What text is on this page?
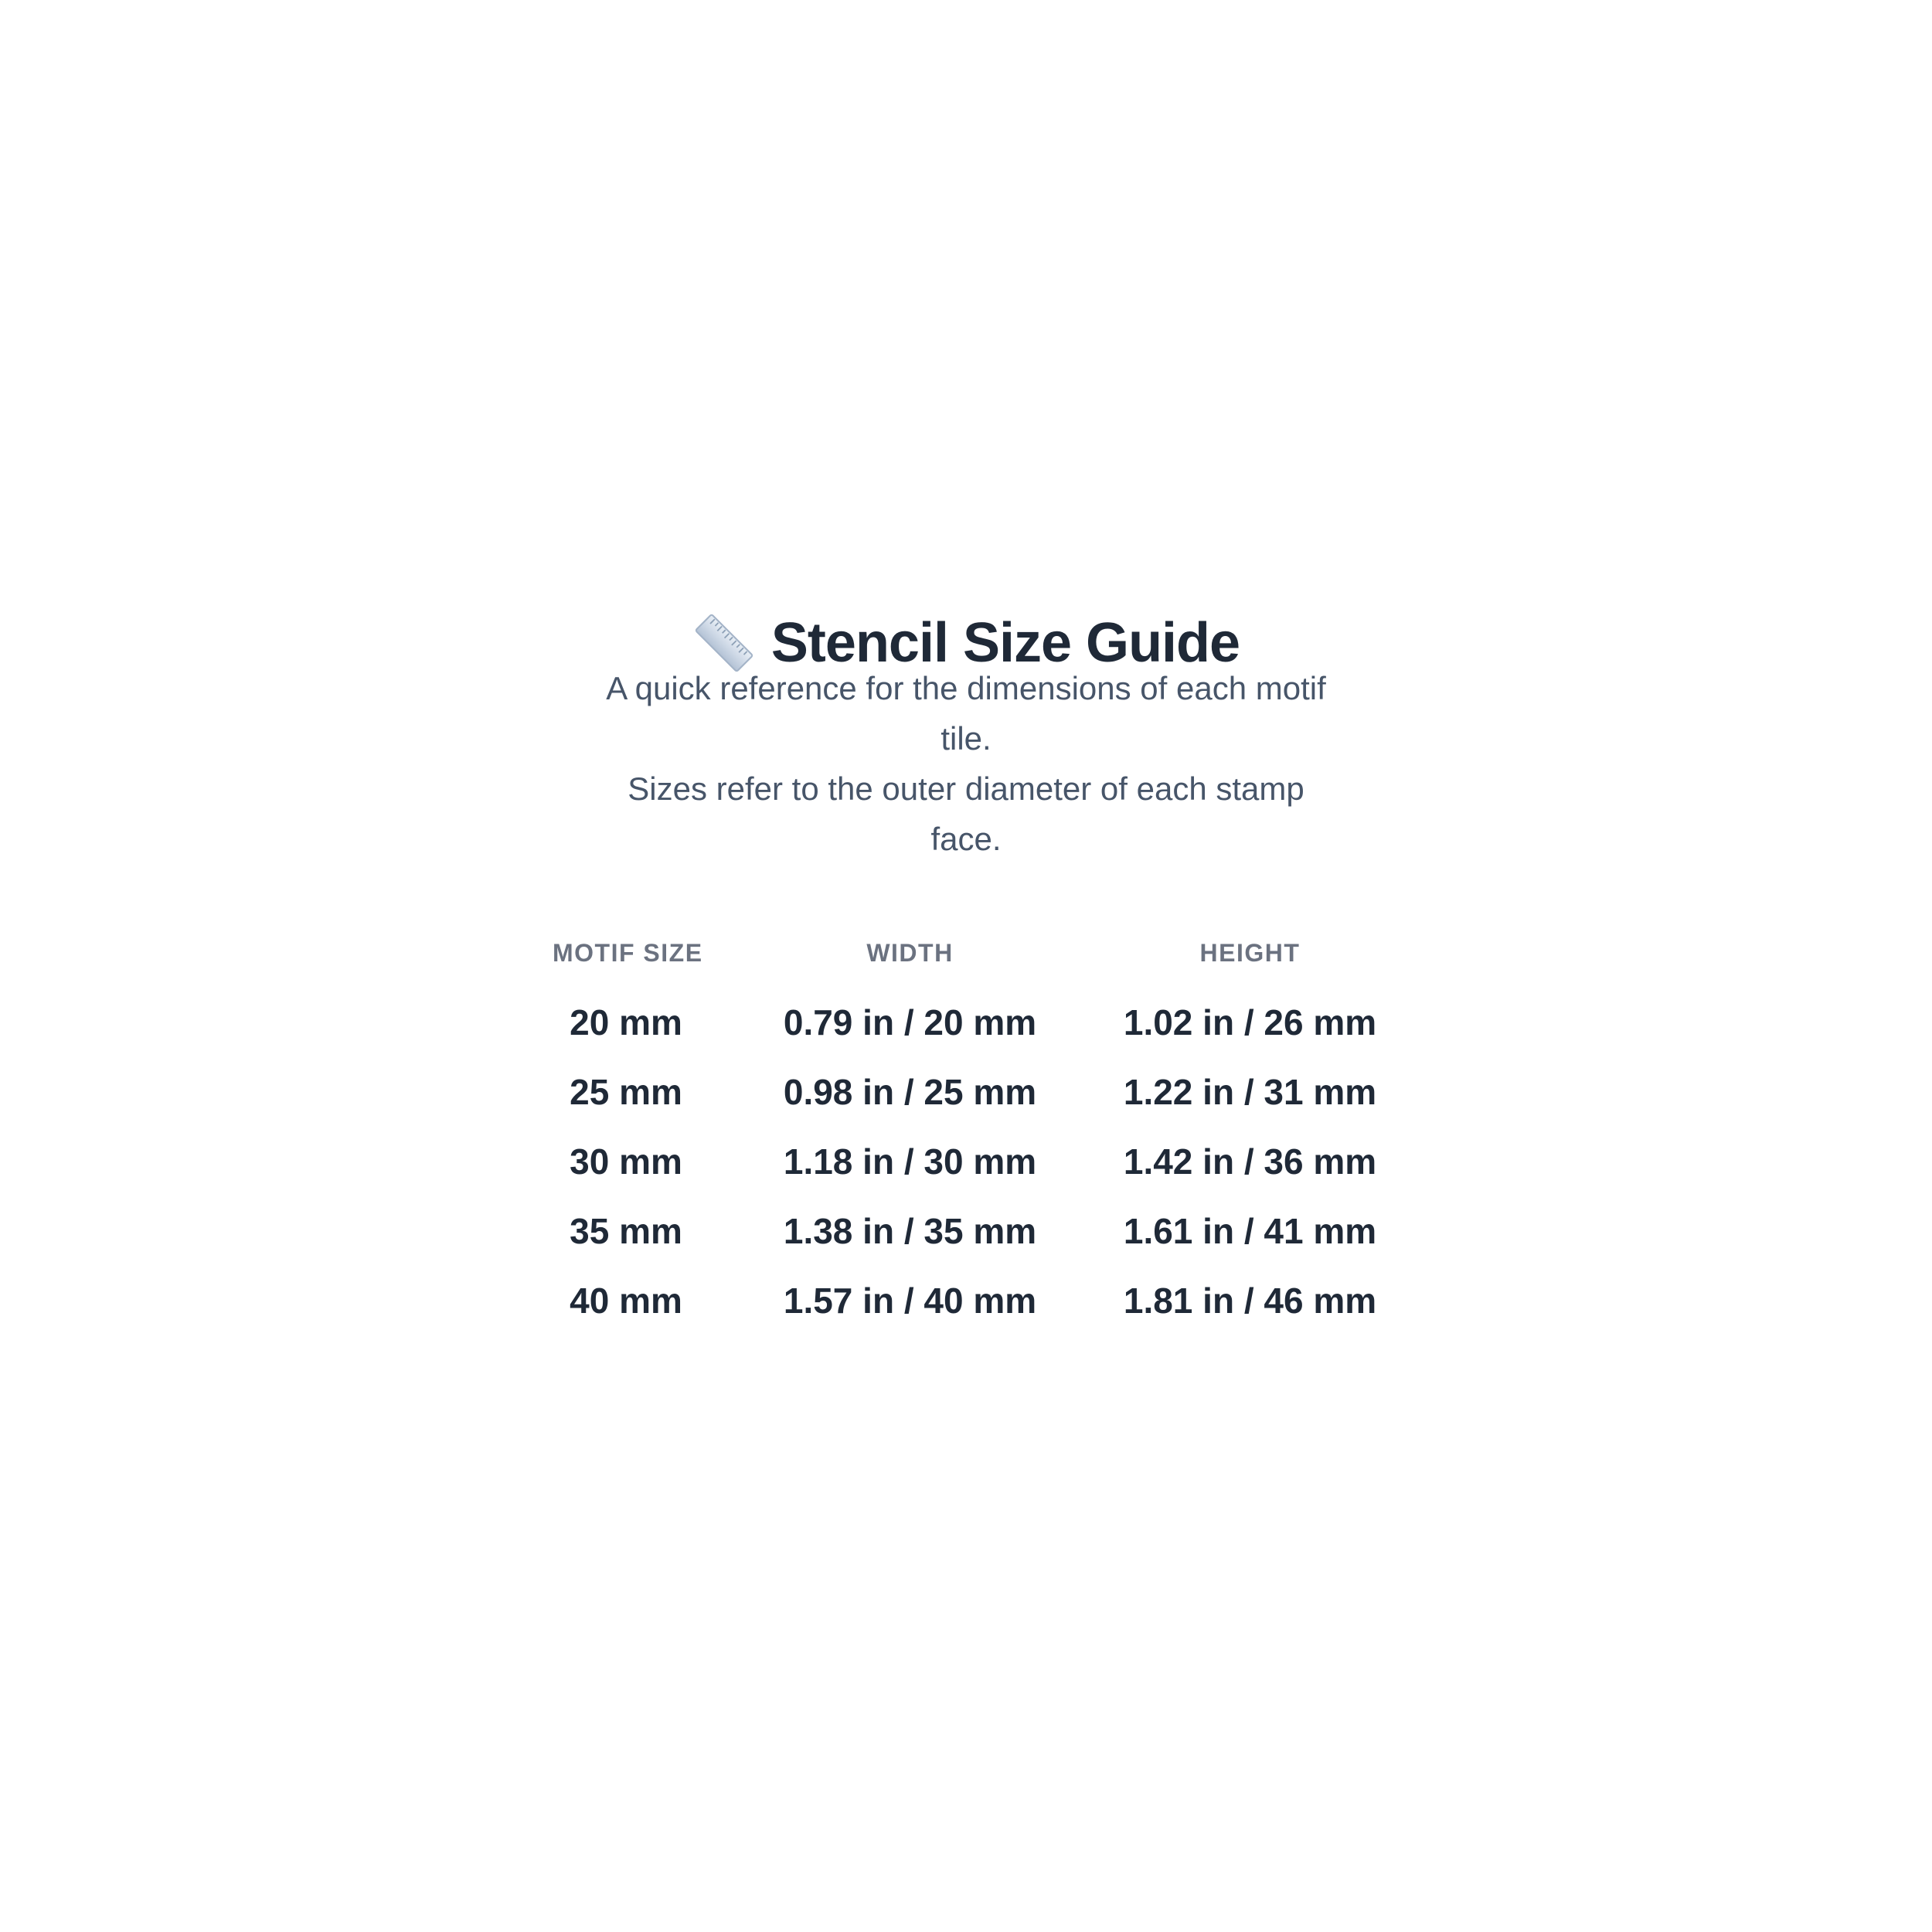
Stencil Size Guide
A quick reference for the dimensions of each motif
tile.
Sizes refer to the outer diameter of each stamp
face.
MOTIF SIZE	WIDTH	HEIGHT
20 mm	0.79 in / 20 mm	1.02 in / 26 mm
25 mm	0.98 in / 25 mm	1.22 in / 31 mm
30 mm	1.18 in / 30 mm	1.42 in / 36 mm
35 mm	1.38 in / 35 mm	1.61 in / 41 mm
40 mm	1.57 in / 40 mm	1.81 in / 46 mm
